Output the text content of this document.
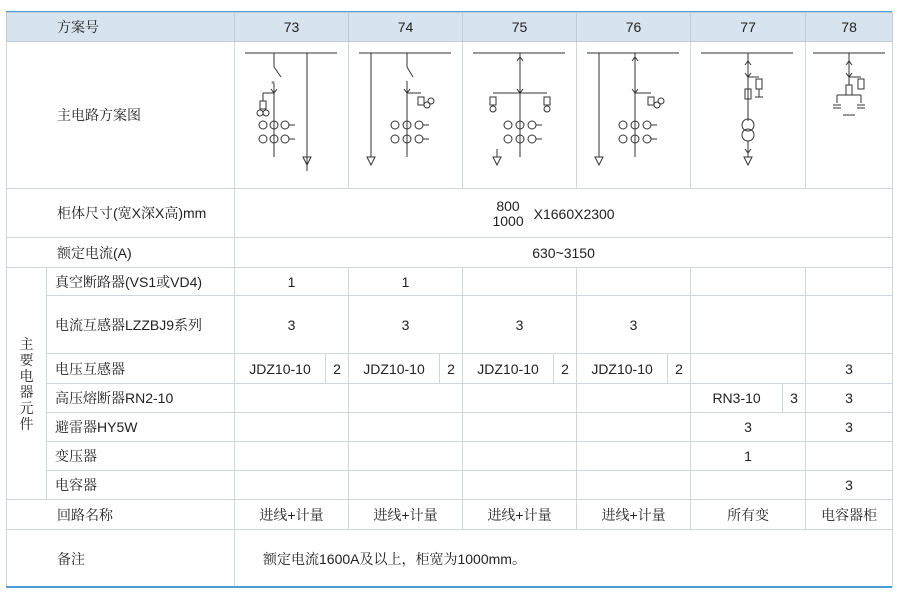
方案号		73		74		75		76		77		78
主电路方案图		×

柜体尺寸(宽X深X高)mm		800
1000 X1660X2300										

额定电流(A)		630~3150										

主要电器元件	真空断路器(VS1或VD4)	1		1								
	电流互感器LZZBJ9系列	3		3		3		3				
	电压互感器	JDZ10-10	2	JDZ10-10	2	JDZ10-10	2	JDZ10-10	2			3
	高压熔断器RN2-10									RN3-10	3	3
	避雷器HY5W									3		3
	变压器									1		
	电容器											3
回路名称		进线+计量		进线+计量		进线+计量		进线+计量		所有变		电容器柜
备注		额定电流1600A及以上，柜宽为1000mm。										
